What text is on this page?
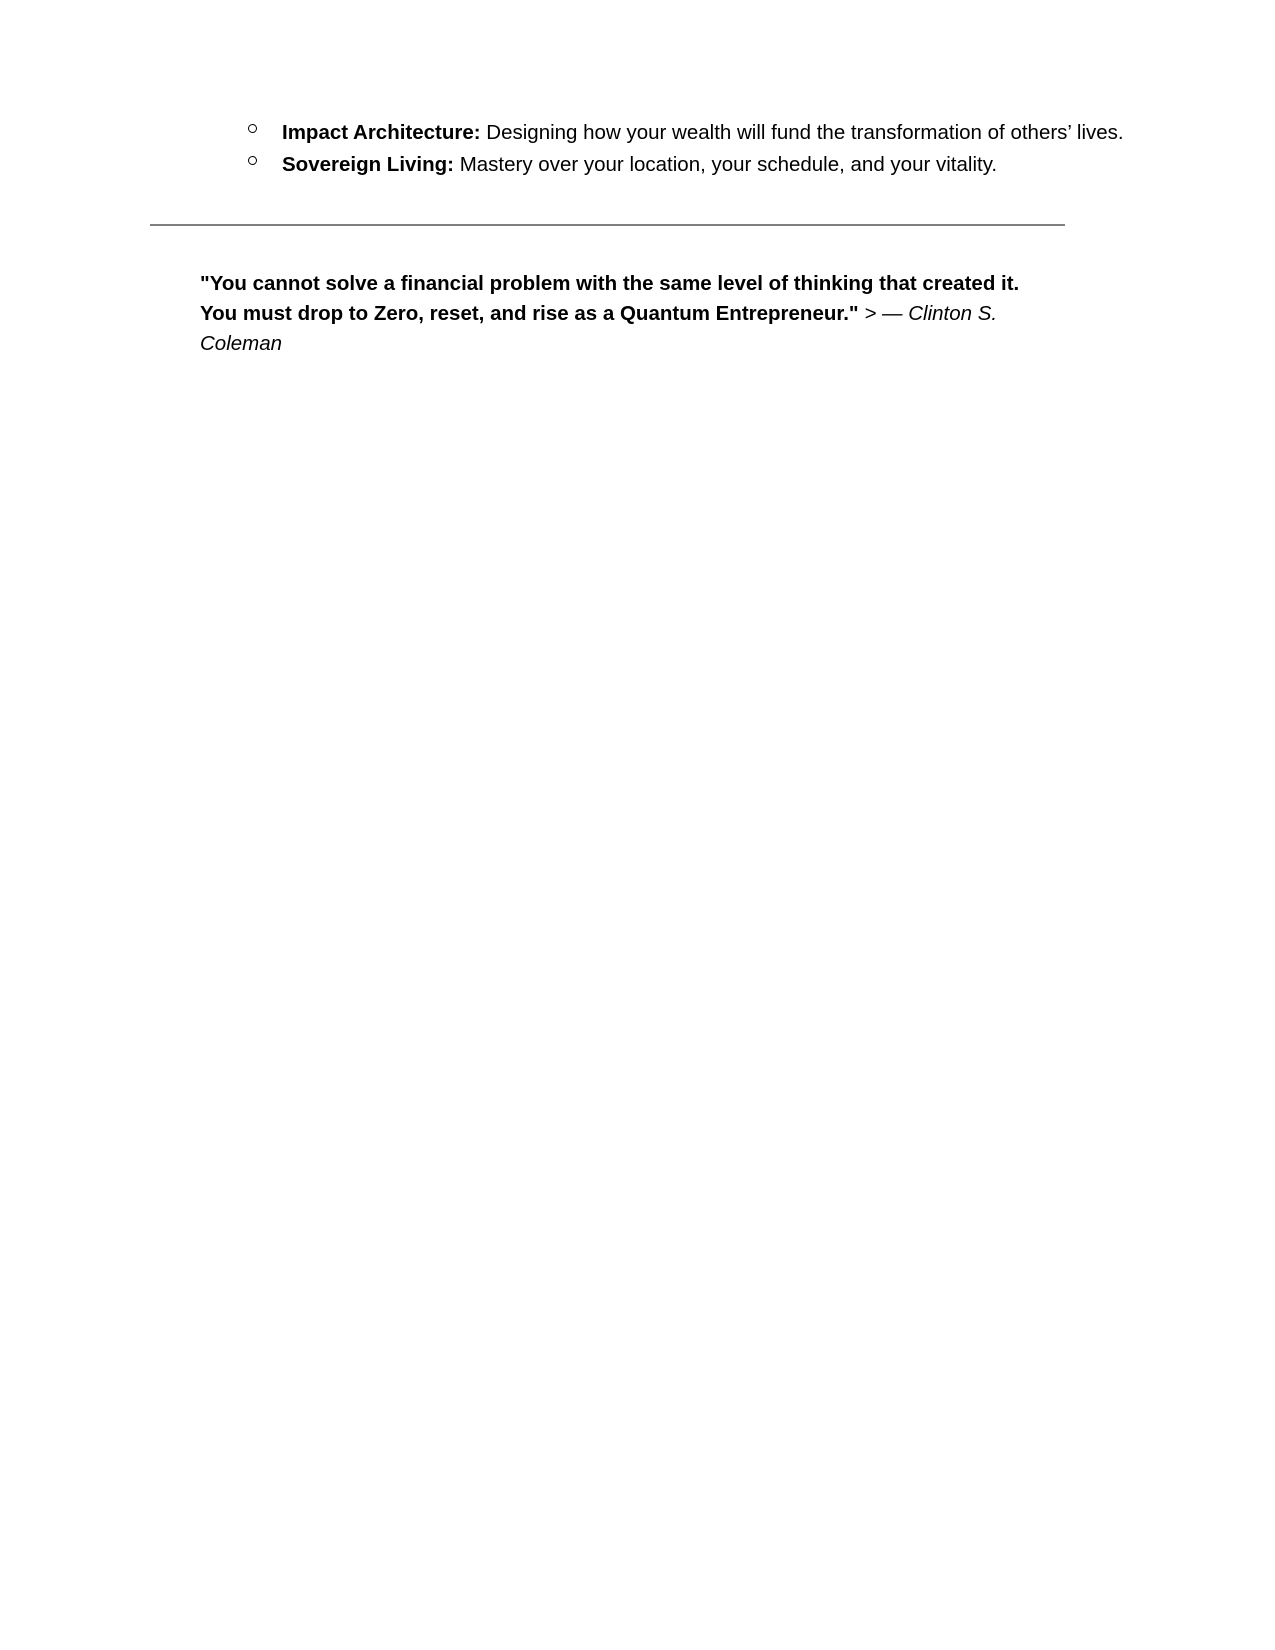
Impact Architecture: Designing how your wealth will fund the transformation of others’ lives.
Sovereign Living: Mastery over your location, your schedule, and your vitality.
"You cannot solve a financial problem with the same level of thinking that created it. You must drop to Zero, reset, and rise as a Quantum Entrepreneur." > — Clinton S. Coleman
